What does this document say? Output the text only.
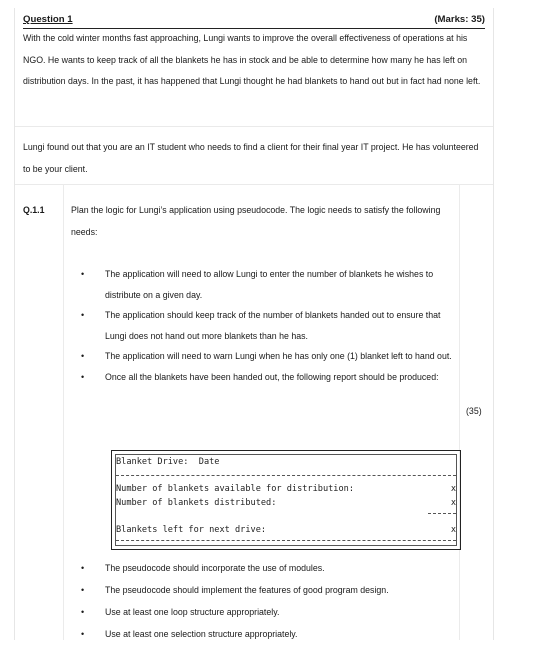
Question 1	(Marks: 35)
With the cold winter months fast approaching, Lungi wants to improve the overall effectiveness of operations at his NGO. He wants to keep track of all the blankets he has in stock and be able to determine how many he has left on distribution days. In the past, it has happened that Lungi thought he had blankets to hand out but in fact had none left.
Lungi found out that you are an IT student who needs to find a client for their final year IT project. He has volunteered to be your client.
Q.1.1	Plan the logic for Lungi’s application using pseudocode. The logic needs to satisfy the following needs:
• The application will need to allow Lungi to enter the number of blankets he wishes to distribute on a given day.
• The application should keep track of the number of blankets handed out to ensure that Lungi does not hand out more blankets than he has.
• The application will need to warn Lungi when he has only one (1) blanket left to hand out.
• Once all the blankets have been handed out, the following report should be produced:
(35)
Blanket Drive:  Date
Number of blankets available for distribution:	x
Number of blankets distributed:	x
Blankets left for next drive:	x
• The pseudocode should incorporate the use of modules.
• The pseudocode should implement the features of good program design.
• Use at least one loop structure appropriately.
• Use at least one selection structure appropriately.
